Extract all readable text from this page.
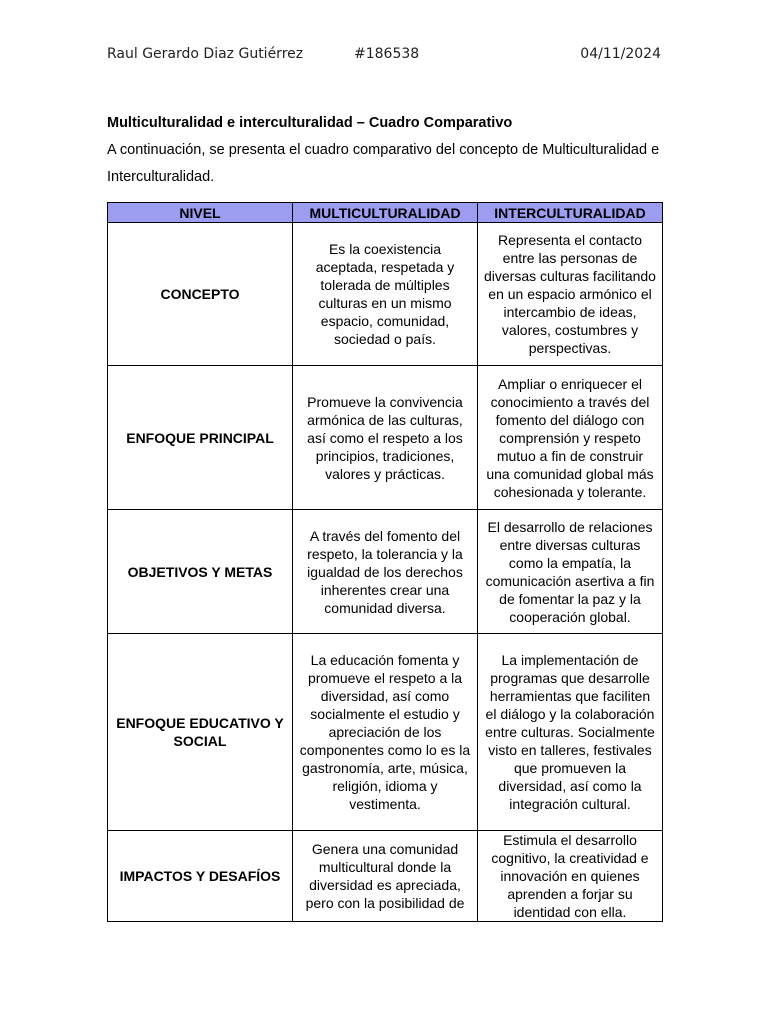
Raul Gerardo Diaz Gutiérrez	#186538	04/11/2024
Multiculturalidad e interculturalidad – Cuadro Comparativo
A continuación, se presenta el cuadro comparativo del concepto de Multiculturalidad e Interculturalidad.
NIVEL	MULTICULTURALIDAD	INTERCULTURALIDAD
CONCEPTO	Es la coexistencia aceptada, respetada y tolerada de múltiples culturas en un mismo espacio, comunidad, sociedad o país.	Representa el contacto entre las personas de diversas culturas facilitando en un espacio armónico el intercambio de ideas, valores, costumbres y perspectivas.
ENFOQUE PRINCIPAL	Promueve la convivencia armónica de las culturas, así como el respeto a los principios, tradiciones, valores y prácticas.	Ampliar o enriquecer el conocimiento a través del fomento del diálogo con comprensión y respeto mutuo a fin de construir una comunidad global más cohesionada y tolerante.
OBJETIVOS Y METAS	A través del fomento del respeto, la tolerancia y la igualdad de los derechos inherentes crear una comunidad diversa.	El desarrollo de relaciones entre diversas culturas como la empatía, la comunicación asertiva a fin de fomentar la paz y la cooperación global.
ENFOQUE EDUCATIVO Y SOCIAL	La educación fomenta y promueve el respeto a la diversidad, así como socialmente el estudio y apreciación de los componentes como lo es la gastronomía, arte, música, religión, idioma y vestimenta.	La implementación de programas que desarrolle herramientas que faciliten el diálogo y la colaboración entre culturas. Socialmente visto en talleres, festivales que promueven la diversidad, así como la integración cultural.
IMPACTOS Y DESAFÍOS	Genera una comunidad multicultural donde la diversidad es apreciada, pero con la posibilidad de	Estimula el desarrollo cognitivo, la creatividad e innovación en quienes aprenden a forjar su identidad con ella.
